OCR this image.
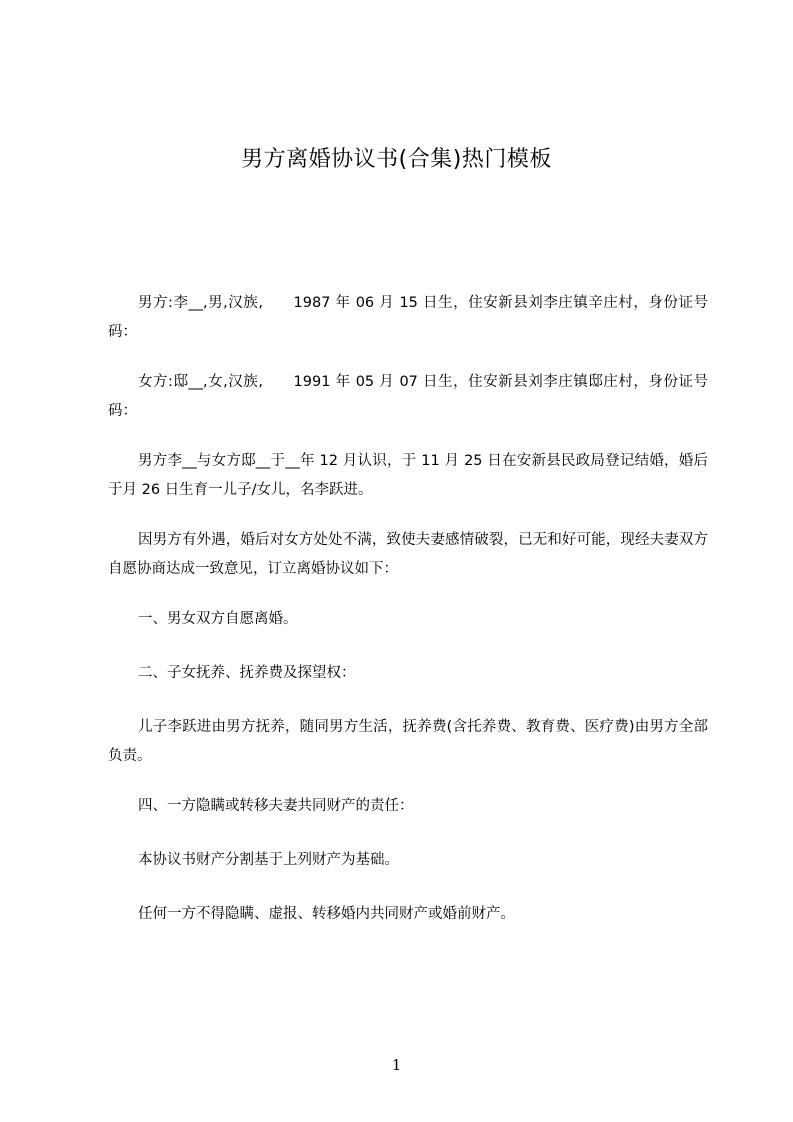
男方离婚协议书(合集)热门模板
男方:李__,男,汉族,　　1987 年 06 月 15 日生，住安新县刘李庄镇辛庄村，身份证号码：
女方:邸__,女,汉族,　　1991 年 05 月 07 日生，住安新县刘李庄镇邸庄村，身份证号码：
男方李__与女方邸__于__年 12 月认识，于 11 月 25 日在安新县民政局登记结婚，婚后于月 26 日生育一儿子/女儿，名李跃进。
因男方有外遇，婚后对女方处处不满，致使夫妻感情破裂，已无和好可能，现经夫妻双方自愿协商达成一致意见，订立离婚协议如下：
一、男女双方自愿离婚。
二、子女抚养、抚养费及探望权：
儿子李跃进由男方抚养，随同男方生活，抚养费(含托养费、教育费、医疗费)由男方全部负责。
四、一方隐瞒或转移夫妻共同财产的责任：
本协议书财产分割基于上列财产为基础。
任何一方不得隐瞒、虚报、转移婚内共同财产或婚前财产。
1
